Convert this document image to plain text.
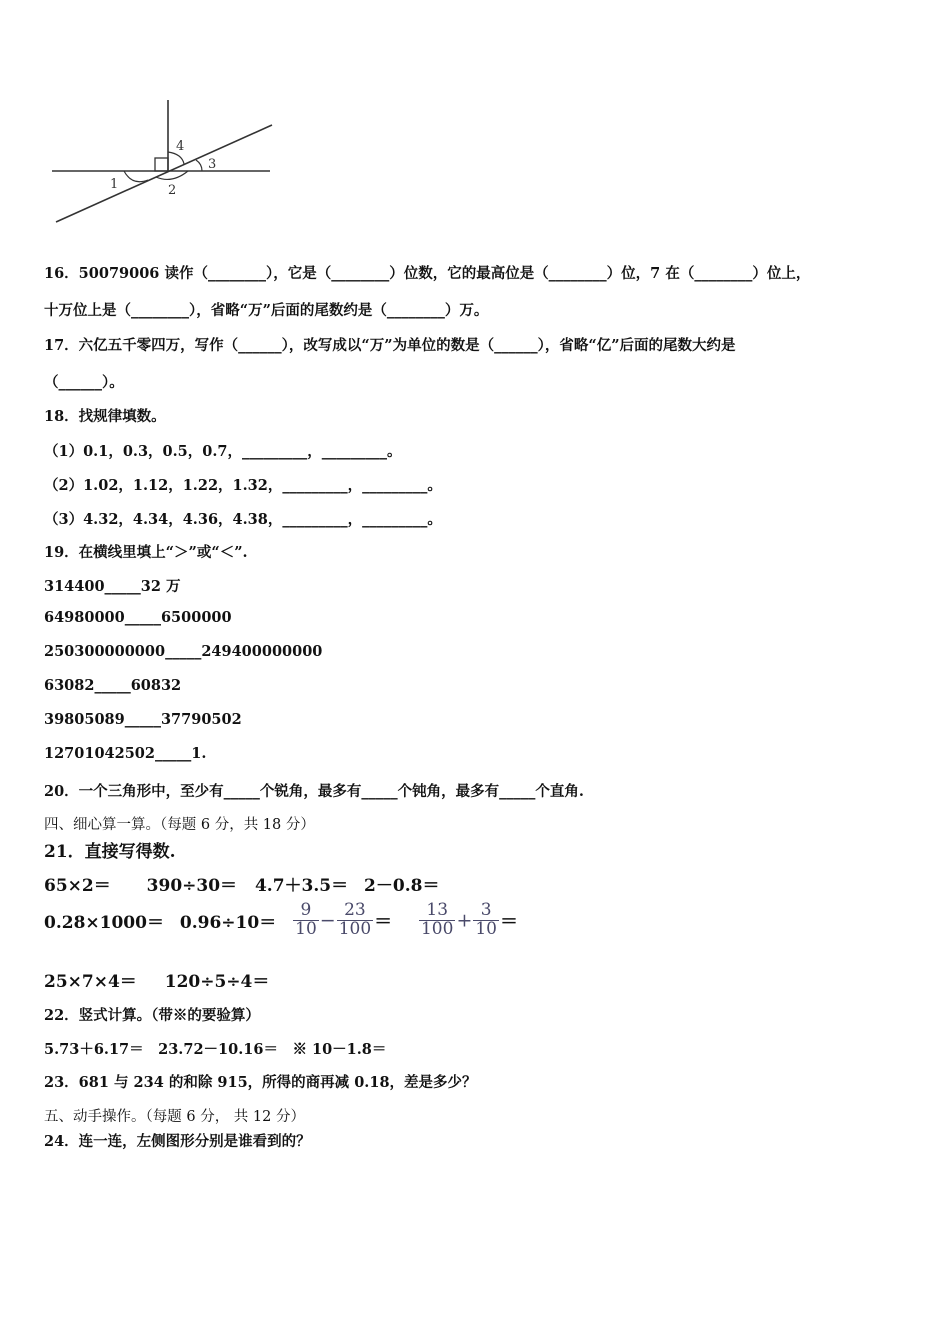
1	2
3
4
16．50079006 读作（________），它是（________）位数，它的最高位是（________）位，7 在（________）位上，
十万位上是（________），省略“万”后面的尾数约是（________）万。
17．六亿五千零四万，写作（______），改写成以“万”为单位的数是（______），省略“亿”后面的尾数大约是
（______）。
18．找规律填数。
（1）0.1，0.3，0.5，0.7，_________，_________。
（2）1.02，1.12，1.22，1.32，_________，_________。
（3）4.32，4.34，4.36，4.38，_________，_________。
19．在横线里填上“＞”或“＜”.
314400_____32 万
64980000_____6500000
250300000000_____249400000000
63082_____60832
39805089_____37790502
12701042502_____1.
20．一个三角形中，至少有_____个锐角，最多有_____个钝角，最多有_____个直角.
四、细心算一算。（每题 6 分，共 18 分）
21．直接写得数.
65×2＝ 390÷30＝ 4.7＋3.5＝ 2－0.8＝
$0.28\times 1000= 0.96\div 10= \frac{9}{10} - \frac{23}{100} = \frac{13}{100} + \frac{3}{10}$ ＝
25×7×4＝ 120÷5÷4＝
22．竖式计算。（带※的要验算）
5.73＋6.17＝　23.72－10.16＝　※ 10－1.8＝
23．681 与 234 的和除 915，所得的商再减 0.18，差是多少？
五、动手操作。（每题 6 分， 共 12 分）
24．连一连，左侧图形分别是谁看到的？
